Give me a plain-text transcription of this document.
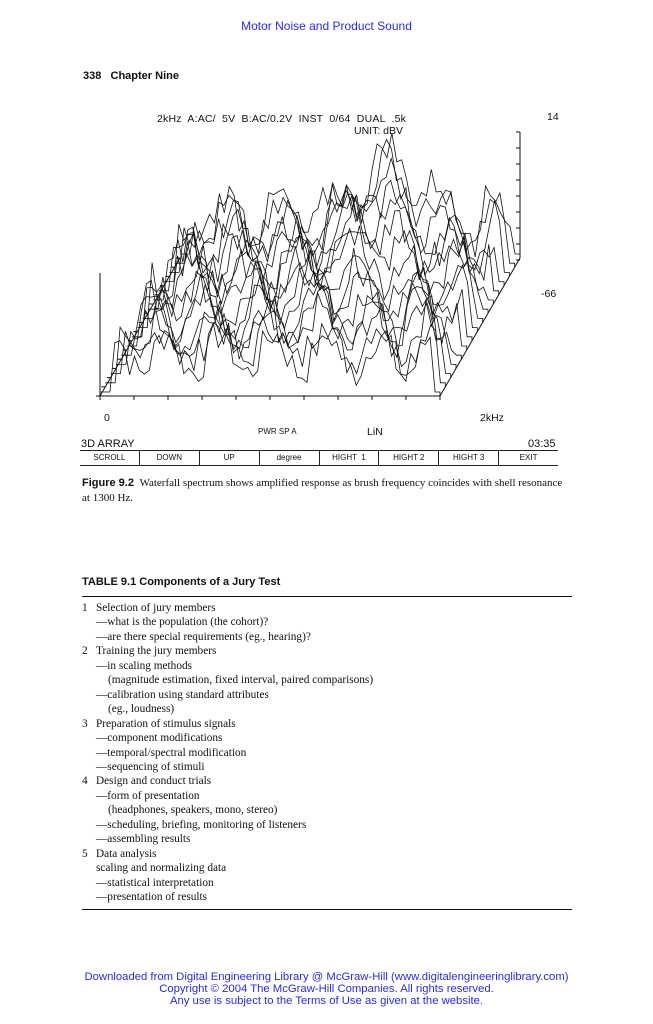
Motor Noise and Product Sound
338   Chapter Nine
2kHz  A:AC/  5V  B:AC/0.2V  INST  0/64  DUAL  .5k
UNIT: dBV
14
-66
0	2kHz
PWR SP A	LiN
3D ARRAY	03:35
SCROLL	DOWN	UP	degree	HIGHT  1	HIGHT 2	HIGHT 3	EXIT
Figure 9.2 Waterfall spectrum shows amplified response as brush frequency coincides with shell resonance at 1300 Hz.
TABLE 9.1 Components of a Jury Test
1 Selection of jury members
—what is the population (the cohort)?
—are there special requirements (eg., hearing)?
2 Training the jury members
—in scaling methods
(magnitude estimation, fixed interval, paired comparisons)
—calibration using standard attributes
(eg., loudness)
3 Preparation of stimulus signals
—component modifications
—temporal/spectral modification
—sequencing of stimuli
4 Design and conduct trials
—form of presentation
(headphones, speakers, mono, stereo)
—scheduling, briefing, monitoring of listeners
—assembling results
5 Data analysis
scaling and normalizing data
—statistical interpretation
—presentation of results
Downloaded from Digital Engineering Library @ McGraw-Hill (www.digitalengineeringlibrary.com)
Copyright © 2004 The McGraw-Hill Companies. All rights reserved.
Any use is subject to the Terms of Use as given at the website.
